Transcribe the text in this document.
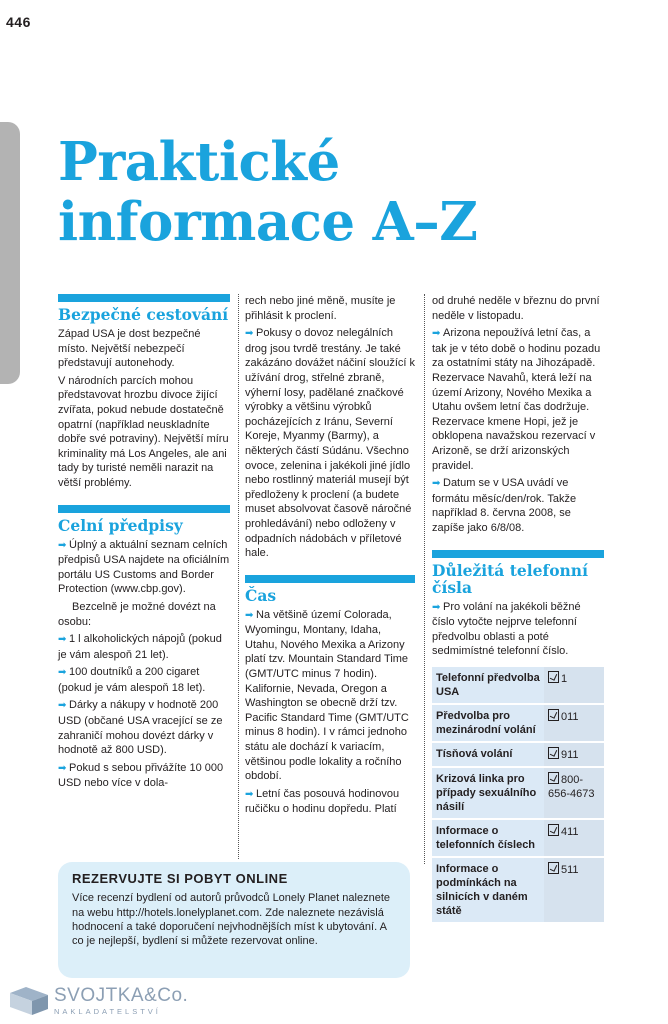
446
Praktické
informace A–Z
Bezpečné cestování

Západ USA je dost bezpečné místo. Největší nebezpečí představují autonehody.

V národních parcích mohou představovat hrozbu divoce žijící zvířata, pokud nebude dostatečně opatrní (například neuskladníte dobře své potraviny). Největší míru kriminality má Los Angeles, ale ani tady by turisté neměli narazit na větší problémy.

Celní předpisy

➡ Úplný a aktuální seznam celních předpisů USA najdete na oficiálním portálu US Customs and Border Protection (www.cbp.gov).

Bezcelně je možné dovézt na osobu:

➡ 1 l alkoholických nápojů (pokud je vám alespoň 21 let).

➡ 100 doutníků a 200 cigaret (pokud je vám alespoň 18 let).

➡ Dárky a nákupy v hodnotě 200 USD (občané USA vracející se ze zahraničí mohou dovézt dárky v hodnotě až 800 USD).

➡ Pokud s sebou přivážíte 10 000 USD nebo více v dola-

rech nebo jiné měně, musíte je přihlásit k proclení.

➡ Pokusy o dovoz nelegálních drog jsou tvrdě trestány. Je také zakázáno dovážet náčiní sloužící k užívání drog, střelné zbraně, výherní losy, padělané značkové výrobky a většinu výrobků pocházejících z Iránu, Severní Koreje, Myanmy (Barmy), a některých částí Súdánu. Všechno ovoce, zelenina i jakékoli jiné jídlo nebo rostlinný materiál musejí být předloženy k proclení (a budete muset absolvovat časově náročné prohledávání) nebo odloženy v odpadních nádobách v příletové hale.

Čas

➡ Na většině území Colorada, Wyomingu, Montany, Idaha, Utahu, Nového Mexika a Arizony platí tzv. Mountain Standard Time (GMT/UTC minus 7 hodin). Kalifornie, Nevada, Oregon a Washington se obecně drží tzv. Pacific Standard Time (GMT/UTC minus 8 hodin). I v rámci jednoho státu ale dochází k variacím, většinou podle lokality a ročního období.

➡ Letní čas posouvá hodinovou ručičku o hodinu dopředu. Platí

od druhé neděle v březnu do první neděle v listopadu.

➡ Arizona nepoužívá letní čas, a tak je v této době o hodinu pozadu za ostatními státy na Jihozápadě. Rezervace Navahů, která leží na území Arizony, Nového Mexika a Utahu ovšem letní čas dodržuje. Rezervace kmene Hopi, jež je obklopena navažskou rezervací v Arizoně, se drží arizonských pravidel.

➡ Datum se v USA uvádí ve formátu měsíc/den/rok. Takže například 8. června 2008, se zapíše jako 6/8/08.

Důležitá telefonní čísla

➡ Pro volání na jakékoli běžné číslo vytočte nejprve telefonní předvolbu oblasti a poté sedmimístné telefonní číslo.

Telefonní předvolba USA	1
Předvolba pro mezinárodní volání	011
Tísňová volání	911
Krizová linka pro případy sexuálního násilí	800-656-4673
Informace o telefonních číslech	411
Informace o podmínkách na silnicích v daném státě	511
REZERVUJTE SI POBYT ONLINE
Více recenzí bydlení od autorů průvodců Lonely Planet naleznete na webu http://hotels.lonelyplanet.com. Zde naleznete nezávislá hodnocení a také doporučení nejvhodnějších míst k ubytování. A co je nejlepší, bydlení si můžete rezervovat online.
SVOJTKA&Co.
NAKLADATELSTVÍ
